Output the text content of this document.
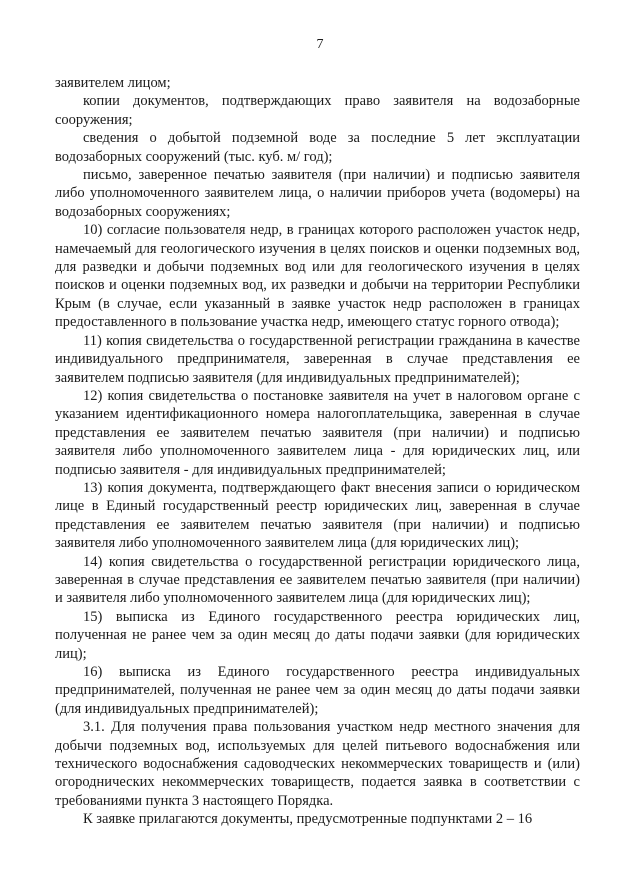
7

заявителем лицом;

копии документов, подтверждающих право заявителя на водозаборные сооружения;

сведения о добытой подземной воде за последние 5 лет эксплуатации водозаборных сооружений (тыс. куб. м/ год);

письмо, заверенное печатью заявителя (при наличии) и подписью заявителя либо уполномоченного заявителем лица, о наличии приборов учета (водомеры) на водозаборных сооружениях;

10) согласие пользователя недр, в границах которого расположен участок недр, намечаемый для геологического изучения в целях поисков и оценки подземных вод, для разведки и добычи подземных вод или для геологического изучения в целях поисков и оценки подземных вод, их разведки и добычи на территории Республики Крым (в случае, если указанный в заявке участок недр расположен в границах предоставленного в пользование участка недр, имеющего статус горного отвода);

11) копия свидетельства о государственной регистрации гражданина в качестве индивидуального предпринимателя, заверенная в случае представления ее заявителем подписью заявителя (для индивидуальных предпринимателей);

12) копия свидетельства о постановке заявителя на учет в налоговом органе с указанием идентификационного номера налогоплательщика, заверенная в случае представления ее заявителем печатью заявителя (при наличии) и подписью заявителя либо уполномоченного заявителем лица - для юридических лиц, или подписью заявителя - для индивидуальных предпринимателей;

13) копия документа, подтверждающего факт внесения записи о юридическом лице в Единый государственный реестр юридических лиц, заверенная в случае представления ее заявителем печатью заявителя (при наличии) и подписью заявителя либо уполномоченного заявителем лица (для юридических лиц);

14) копия свидетельства о государственной регистрации юридического лица, заверенная в случае представления ее заявителем печатью заявителя (при наличии) и заявителя либо уполномоченного заявителем лица (для юридических лиц);

15) выписка из Единого государственного реестра юридических лиц, полученная не ранее чем за один месяц до даты подачи заявки (для юридических лиц);

16) выписка из Единого государственного реестра индивидуальных предпринимателей, полученная не ранее чем за один месяц до даты подачи заявки (для индивидуальных предпринимателей);

3.1. Для получения права пользования участком недр местного значения для добычи подземных вод, используемых для целей питьевого водоснабжения или технического водоснабжения садоводческих некоммерческих товариществ и (или) огороднических некоммерческих товариществ, подается заявка в соответствии с требованиями пункта 3 настоящего Порядка.

К заявке прилагаются документы, предусмотренные подпунктами 2 – 16
